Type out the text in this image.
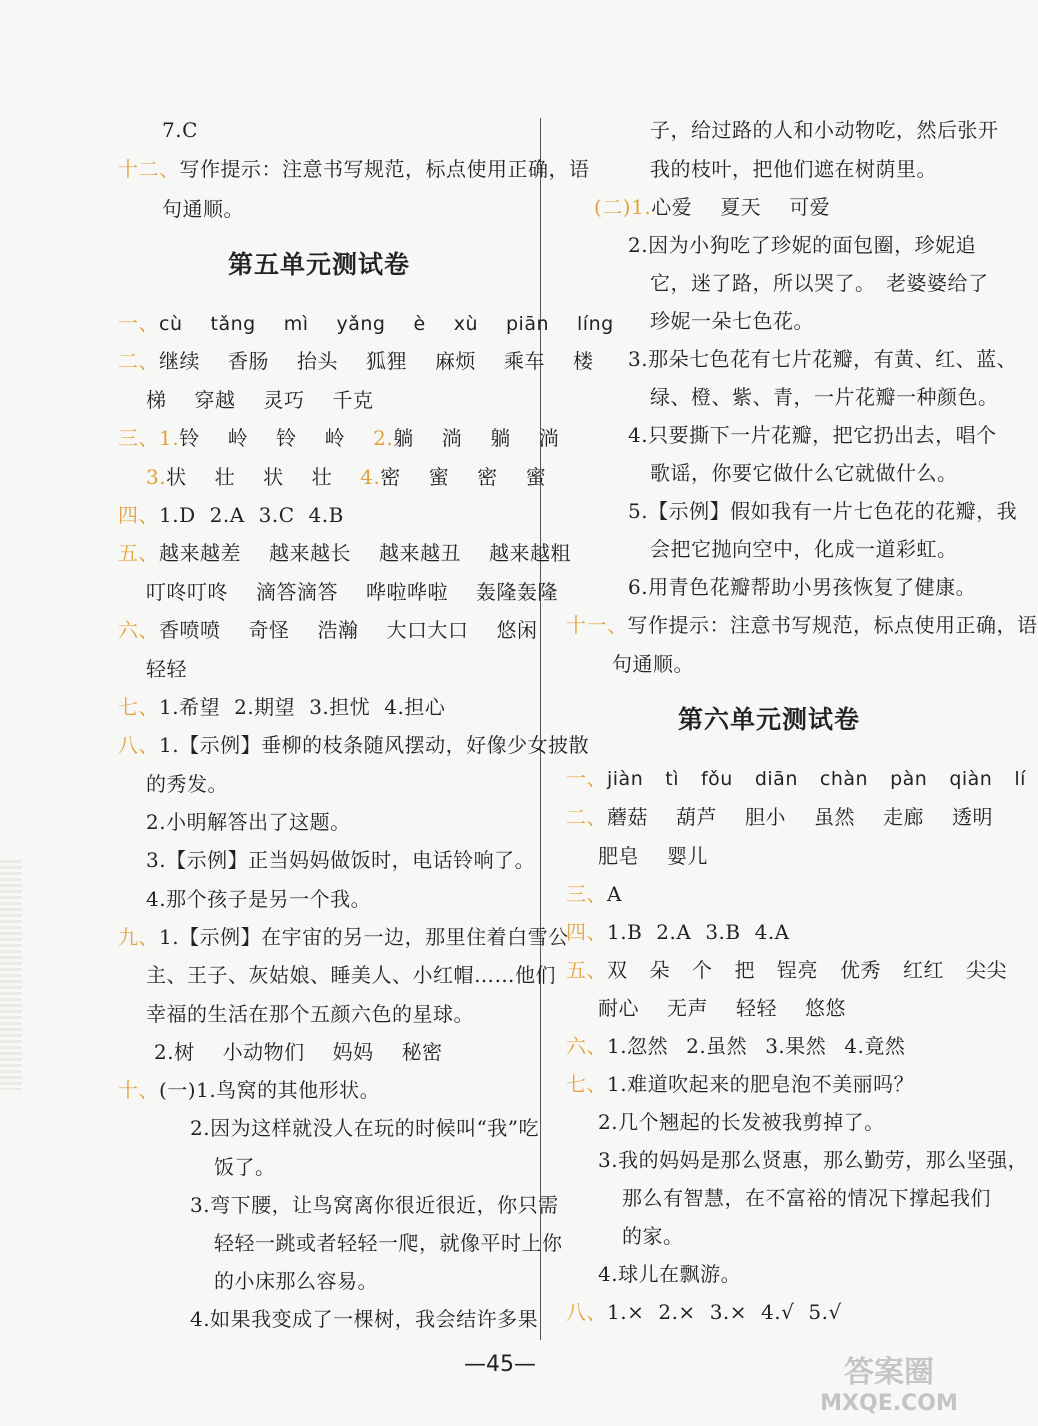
7.C
十二、写作提示：注意书写规范，标点使用正确，语
句通顺。
第五单元测试卷
一、cù tǎng mì yǎng è xù piān líng
二、继续 香肠 抬头 狐狸 麻烦 乘车 楼
梯 穿越 灵巧 千克
三、1.铃 岭 铃 岭 2.躺 淌 躺 淌
3.状 壮 状 壮 4.密 蜜 密 蜜
四、1.D 2.A 3.C 4.B
五、越来越差 越来越长 越来越丑 越来越粗
叮咚叮咚 滴答滴答 哗啦哗啦 轰隆轰隆
六、香喷喷 奇怪 浩瀚 大口大口 悠闲
轻轻
七、1.希望 2.期望 3.担忧 4.担心
八、1.【示例】垂柳的枝条随风摆动，好像少女披散
的秀发。
2.小明解答出了这题。
3.【示例】正当妈妈做饭时，电话铃响了。
4.那个孩子是另一个我。
九、1.【示例】在宇宙的另一边，那里住着白雪公
主、王子、灰姑娘、睡美人、小红帽……他们
幸福的生活在那个五颜六色的星球。
2.树 小动物们 妈妈 秘密
十、(一)1.鸟窝的其他形状。
2.因为这样就没人在玩的时候叫“我”吃
饭了。
3.弯下腰，让鸟窝离你很近很近，你只需
轻轻一跳或者轻轻一爬，就像平时上你
的小床那么容易。
4.如果我变成了一棵树，我会结许多果
子，给过路的人和小动物吃，然后张开
我的枝叶，把他们遮在树荫里。
(二)1.心爱 夏天 可爱
2.因为小狗吃了珍妮的面包圈，珍妮追
它，迷了路，所以哭了。　老婆婆给了
珍妮一朵七色花。
3.那朵七色花有七片花瓣，有黄、红、蓝、
绿、橙、紫、青，一片花瓣一种颜色。
4.只要撕下一片花瓣，把它扔出去，唱个
歌谣，你要它做什么它就做什么。
5.【示例】假如我有一片七色花的花瓣，我
会把它抛向空中，化成一道彩虹。
6.用青色花瓣帮助小男孩恢复了健康。
十一、写作提示：注意书写规范，标点使用正确，语
句通顺。
第六单元测试卷
一、jiàn tì fǒu diān chàn pàn qiàn lí
二、蘑菇 葫芦 胆小 虽然 走廊 透明
肥皂 婴儿
三、A
四、1.B 2.A 3.B 4.A
五、双 朵 个 把 锃亮 优秀 红红 尖尖
耐心 无声 轻轻 悠悠
六、1.忽然 2.虽然 3.果然 4.竟然
七、1.难道吹起来的肥皂泡不美丽吗？
2.几个翘起的长发被我剪掉了。
3.我的妈妈是那么贤惠，那么勤劳，那么坚强，
那么有智慧，在不富裕的情况下撑起我们
的家。
4.球儿在飘游。
八、1.× 2.× 3.× 4.√ 5.√
—45—	答案圈
MXQE.COM
